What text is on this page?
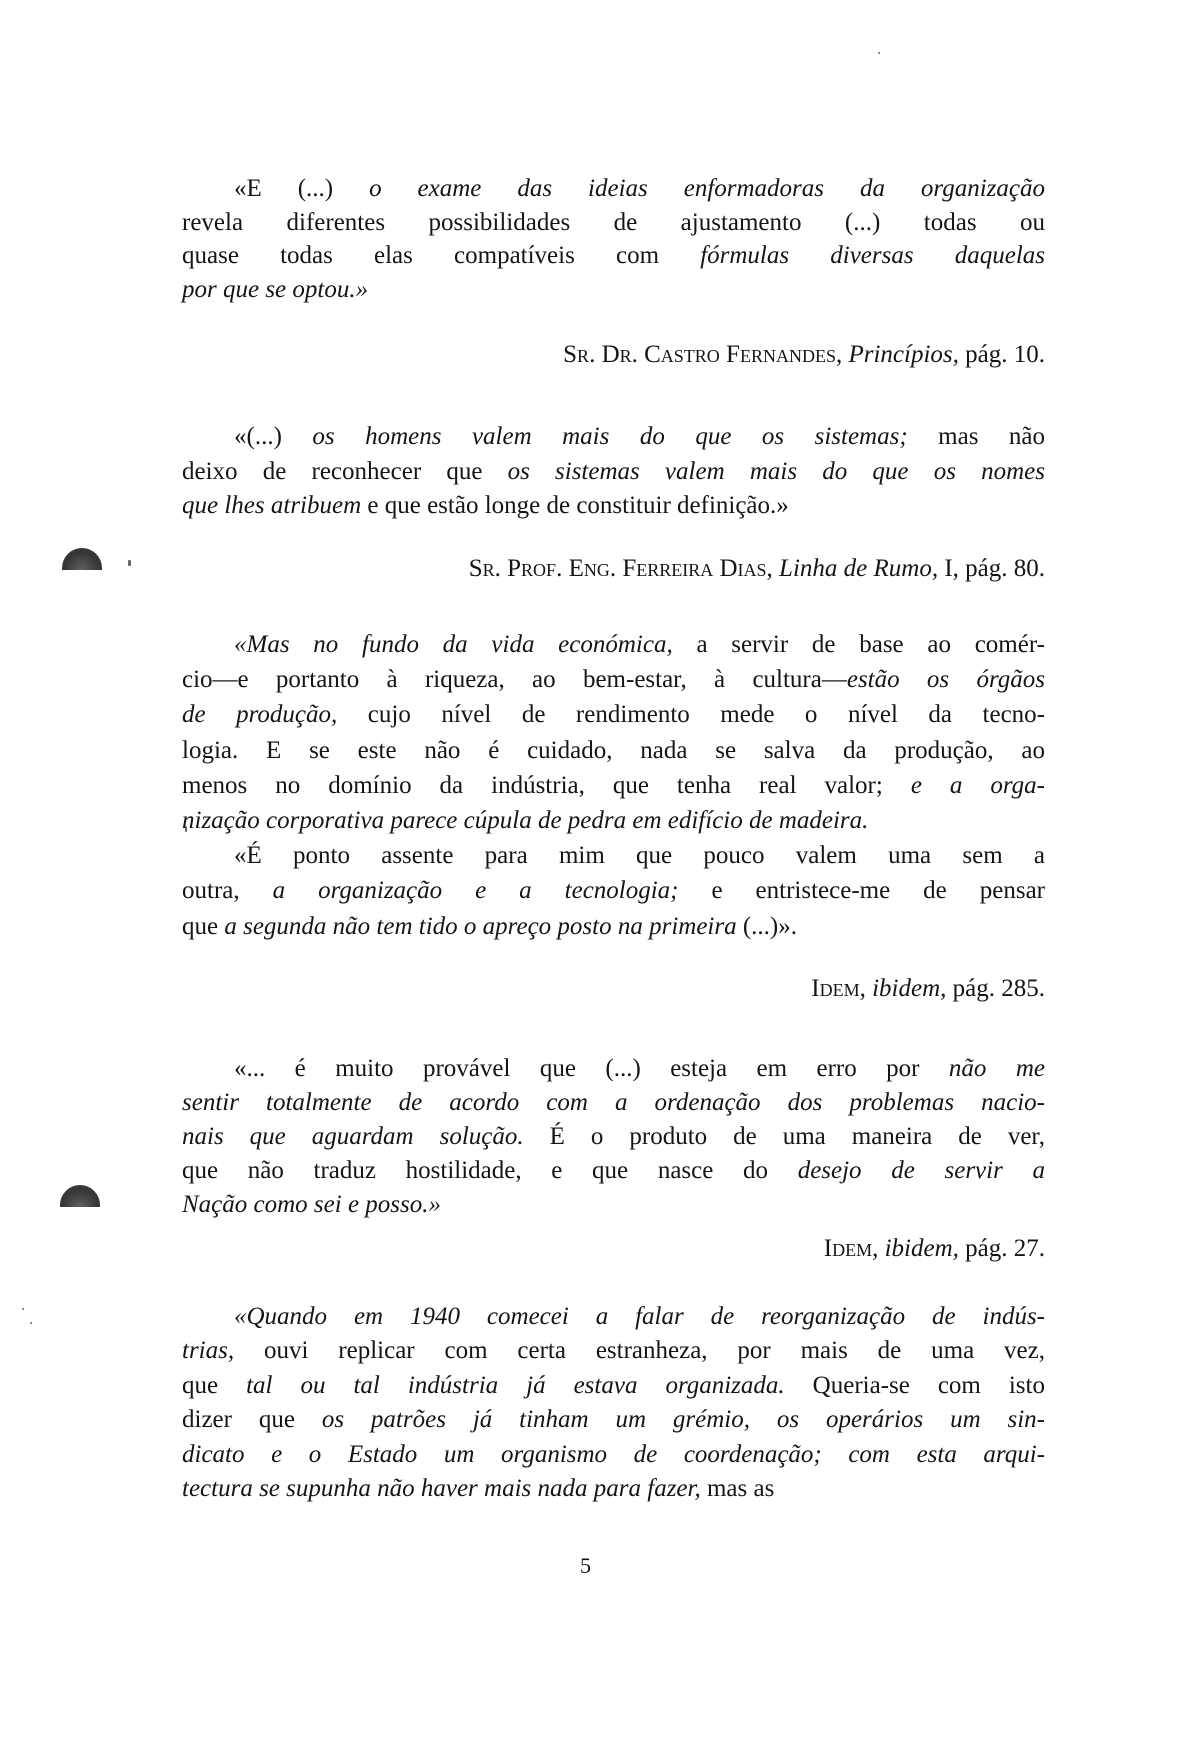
«E (...) o exame das ideias enformadoras da organização
revela diferentes possibilidades de ajustamento (...) todas ou
quase todas elas compatíveis com fórmulas diversas daquelas
por que se optou.»
Sr. Dr. Castro Fernandes, Princípios, pág. 10.
«(...) os homens valem mais do que os sistemas; mas não
deixo de reconhecer que os sistemas valem mais do que os nomes
que lhes atribuem e que estão longe de constituir definição.»
Sr. Prof. Eng. Ferreira Dias, Linha de Rumo, I, pág. 80.
«Mas no fundo da vida económica, a servir de base ao comér-
cio—e portanto à riqueza, ao bem-estar, à cultura—estão os órgãos
de produção, cujo nível de rendimento mede o nível da tecno-
logia. E se este não é cuidado, nada se salva da produção, ao
menos no domínio da indústria, que tenha real valor; e a orga-
nização corporativa parece cúpula de pedra em edifício de madeira.
«É ponto assente para mim que pouco valem uma sem a
outra, a organização e a tecnologia; e entristece-me de pensar
que a segunda não tem tido o apreço posto na primeira (...)».
Idem, ibidem, pág. 285.
«... é muito provável que (...) esteja em erro por não me
sentir totalmente de acordo com a ordenação dos problemas nacio-
nais que aguardam solução. É o produto de uma maneira de ver,
que não traduz hostilidade, e que nasce do desejo de servir a
Nação como sei e posso.»
Idem, ibidem, pág. 27.
«Quando em 1940 comecei a falar de reorganização de indús-
trias, ouvi replicar com certa estranheza, por mais de uma vez,
que tal ou tal indústria já estava organizada. Queria-se com isto
dizer que os patrões já tinham um grémio, os operários um sin-
dicato e o Estado um organismo de coordenação; com esta arqui-
tectura se supunha não haver mais nada para fazer, mas as
5
